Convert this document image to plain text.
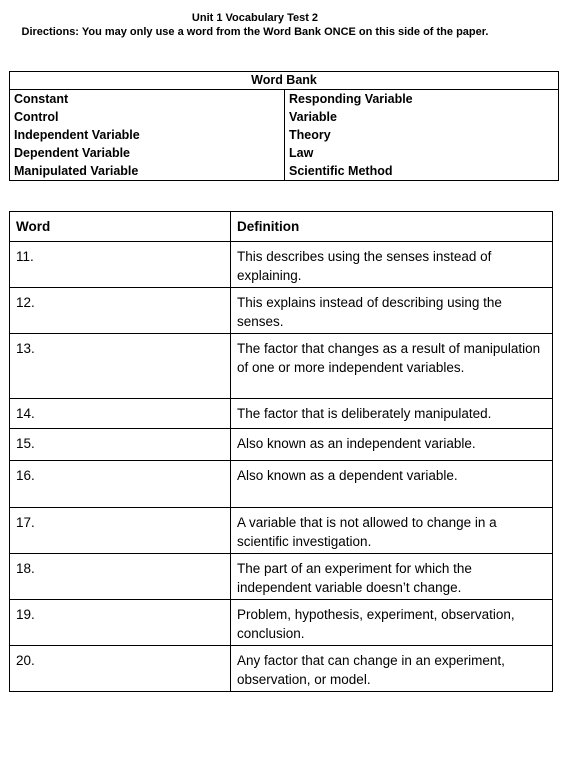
Unit 1 Vocabulary Test 2
Directions: You may only use a word from the Word Bank ONCE on this side of the paper.
Word Bank	
Constant	Responding Variable
Control	Variable
Independent Variable	Theory
Dependent Variable	Law
Manipulated Variable	Scientific Method
Word	Definition
11.	This describes using the senses instead of explaining.
12.	This explains instead of describing using the senses.
13.	The factor that changes as a result of manipulation of one or more independent variables.
14.	The factor that is deliberately manipulated.
15.	Also known as an independent variable.
16.	Also known as a dependent variable.
17.	A variable that is not allowed to change in a scientific investigation.
18.	The part of an experiment for which the independent variable doesn’t change.
19.	Problem, hypothesis, experiment, observation, conclusion.
20.	Any factor that can change in an experiment, observation, or model.
